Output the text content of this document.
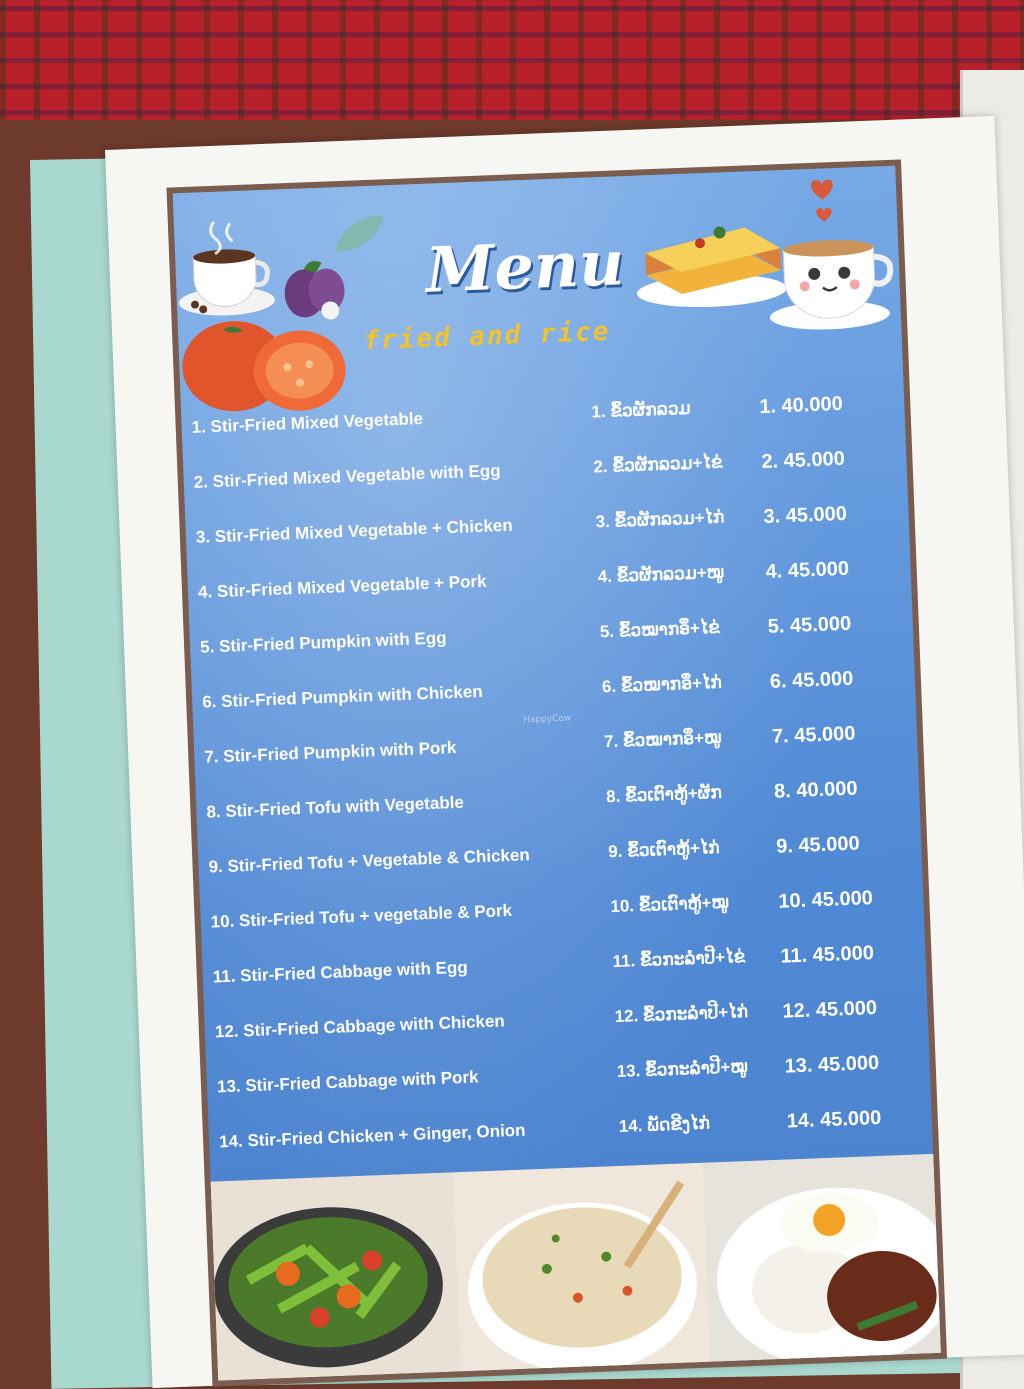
Menu

fried and rice

HappyCow
1. Stir-Fried Mixed Vegetable	1. ຂົ້ວຜັກລວມ	1. 40.000
2. Stir-Fried Mixed Vegetable with Egg	2. ຂົ້ວຜັກລວມ+ໄຂ່ 2. 45.000
3. Stir-Fried Mixed Vegetable + Chicken	3. ຂົ້ວຜັກລວມ+ໄກ່ 3. 45.000
4. Stir-Fried Mixed Vegetable + Pork	4. ຂົ້ວຜັກລວມ+ໝູ 4. 45.000
5. Stir-Fried Pumpkin with Egg	5. ຂົ້ວໝາກອຶ+ໄຂ່ 5. 45.000
6. Stir-Fried Pumpkin with Chicken	6. ຂົ້ວໝາກອຶ+ໄກ່ 6. 45.000
7. Stir-Fried Pumpkin with Pork	7. ຂົ້ວໝາກອຶ+ໝູ 7. 45.000
8. Stir-Fried Tofu with Vegetable	8. ຂົ້ວເຕົາຫູ້+ຜັກ	8. 40.000
9. Stir-Fried Tofu + Vegetable & Chicken	9. ຂົ້ວເຕົາຫູ້+ໄກ່	9. 45.000
10. Stir-Fried Tofu + vegetable & Pork	10. ຂົ້ວເຕົາຫູ້+ໝູ 10. 45.000
11. Stir-Fried Cabbage with Egg	11. ຂົ້ວກະລໍ່າປີ+ໄຂ່ 11. 45.000
12. Stir-Fried Cabbage with Chicken	12. ຂົ້ວກະລໍ່າປີ+ໄກ່ 12. 45.000
13. Stir-Fried Cabbage with Pork	13. ຂົ້ວກະລໍ່າປີ+ໝູ 13. 45.000
14. Stir-Fried Chicken + Ginger, Onion	14. ພັດຂີງໄກ່	14. 45.000
